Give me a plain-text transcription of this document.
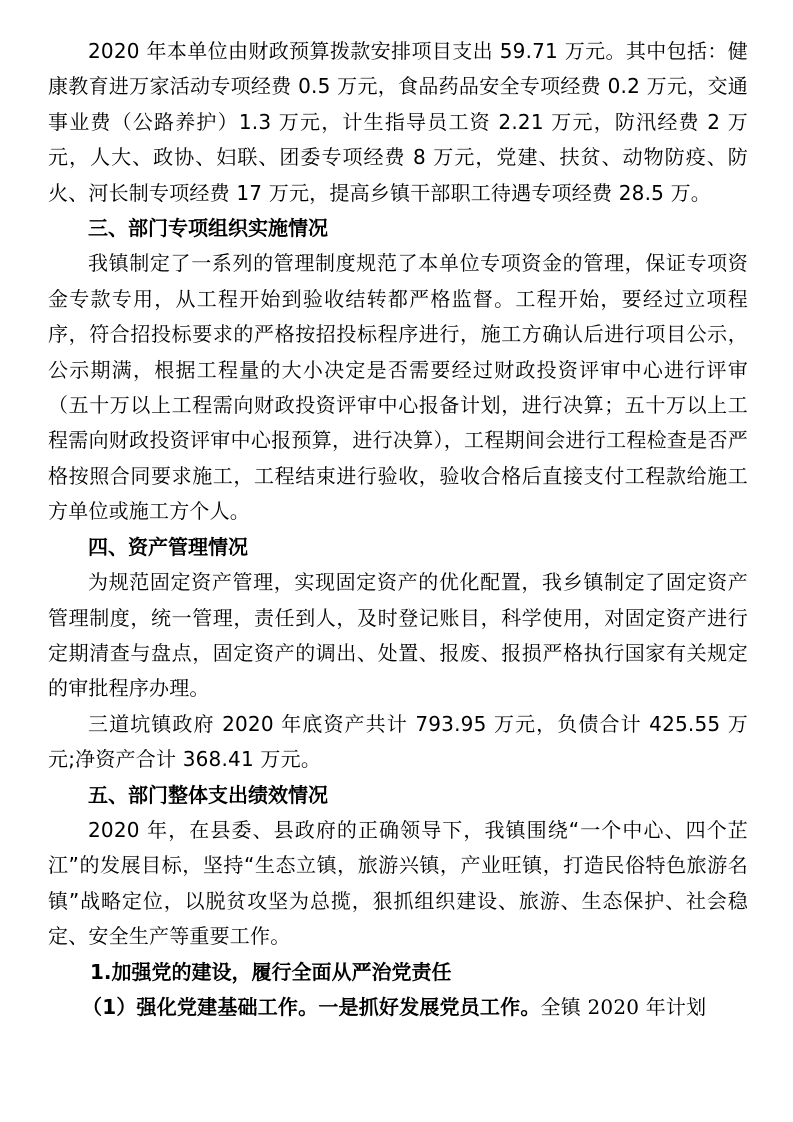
2020 年本单位由财政预算拨款安排项目支出 59.71 万元。其中包括：健康教育进万家活动专项经费 0.5 万元，食品药品安全专项经费 0.2 万元，交通事业费（公路养护）1.3 万元，计生指导员工资 2.21 万元，防汛经费 2 万元，人大、政协、妇联、团委专项经费 8 万元，党建、扶贫、动物防疫、防火、河长制专项经费 17 万元，提高乡镇干部职工待遇专项经费 28.5 万。

三、部门专项组织实施情况

我镇制定了一系列的管理制度规范了本单位专项资金的管理，保证专项资金专款专用，从工程开始到验收结转都严格监督。工程开始，要经过立项程序，符合招投标要求的严格按招投标程序进行，施工方确认后进行项目公示，公示期满，根据工程量的大小决定是否需要经过财政投资评审中心进行评审（五十万以上工程需向财政投资评审中心报备计划，进行决算；五十万以上工程需向财政投资评审中心报预算，进行决算），工程期间会进行工程检查是否严格按照合同要求施工，工程结束进行验收，验收合格后直接支付工程款给施工方单位或施工方个人。

四、资产管理情况

为规范固定资产管理，实现固定资产的优化配置，我乡镇制定了固定资产管理制度，统一管理，责任到人，及时登记账目，科学使用，对固定资产进行定期清查与盘点，固定资产的调出、处置、报废、报损严格执行国家有关规定的审批程序办理。

三道坑镇政府 2020 年底资产共计 793.95 万元，负债合计 425.55 万元;净资产合计 368.41 万元。

五、部门整体支出绩效情况

2020 年，在县委、县政府的正确领导下，我镇围绕“一个中心、四个芷江”的发展目标，坚持“生态立镇，旅游兴镇，产业旺镇，打造民俗特色旅游名镇”战略定位，以脱贫攻坚为总揽，狠抓组织建设、旅游、生态保护、社会稳定、安全生产等重要工作。

1.加强党的建设，履行全面从严治党责任

（1）强化党建基础工作。一是抓好发展党员工作。全镇 2020 年计划
